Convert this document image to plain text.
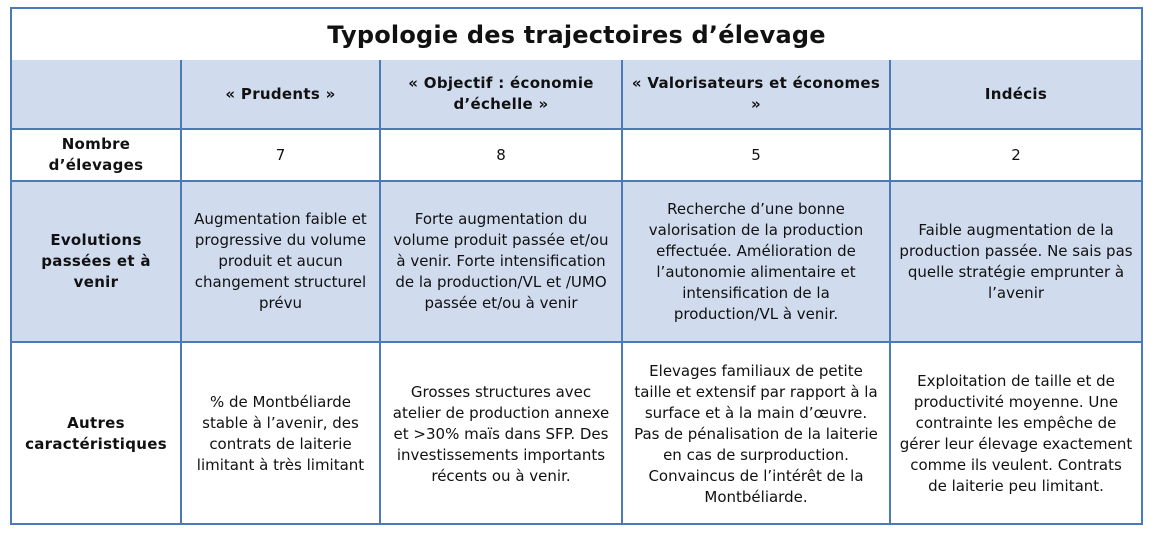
Typologie des trajectoires d’élevage
	« Prudents »	« Objectif : économie d’échelle »	« Valorisateurs et économes »	Indécis
Nombre d’élevages	7	8	5	2
Evolutions passées et à venir	Augmentation faible et progressive du volume produit et aucun changement structurel prévu	Forte augmentation du volume produit passée et/ou à venir. Forte intensification de la production/VL et /UMO passée et/ou à venir	Recherche d’une bonne valorisation de la production effectuée. Amélioration de l’autonomie alimentaire et intensification de la production/VL à venir.	Faible augmentation de la production passée. Ne sais pas quelle stratégie emprunter à l’avenir
Autres caractéristiques	% de Montbéliarde stable à l’avenir, des contrats de laiterie limitant à très limitant	Grosses structures avec atelier de production annexe et >30% maïs dans SFP. Des investissements importants récents ou à venir.	Elevages familiaux de petite taille et extensif par rapport à la surface et à la main d’œuvre. Pas de pénalisation de la laiterie en cas de surproduction. Convaincus de l’intérêt de la Montbéliarde.	Exploitation de taille et de productivité moyenne. Une contrainte les empêche de gérer leur élevage exactement comme ils veulent. Contrats de laiterie peu limitant.
